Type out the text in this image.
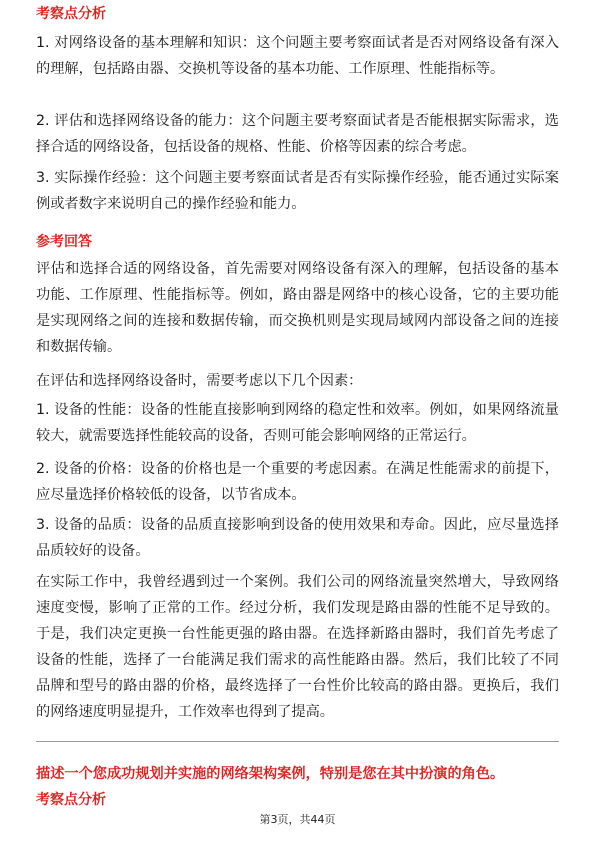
考察点分析
1. 对网络设备的基本理解和知识：这个问题主要考察面试者是否对网络设备有深入的理解，包括路由器、交换机等设备的基本功能、工作原理、性能指标等。
2. 评估和选择网络设备的能力：这个问题主要考察面试者是否能根据实际需求，选择合适的网络设备，包括设备的规格、性能、价格等因素的综合考虑。
3. 实际操作经验：这个问题主要考察面试者是否有实际操作经验，能否通过实际案例或者数字来说明自己的操作经验和能力。
参考回答
评估和选择合适的网络设备，首先需要对网络设备有深入的理解，包括设备的基本功能、工作原理、性能指标等。例如，路由器是网络中的核心设备，它的主要功能是实现网络之间的连接和数据传输，而交换机则是实现局域网内部设备之间的连接和数据传输。
在评估和选择网络设备时，需要考虑以下几个因素：
1. 设备的性能：设备的性能直接影响到网络的稳定性和效率。例如，如果网络流量较大，就需要选择性能较高的设备，否则可能会影响网络的正常运行。
2. 设备的价格：设备的价格也是一个重要的考虑因素。在满足性能需求的前提下，应尽量选择价格较低的设备，以节省成本。
3. 设备的品质：设备的品质直接影响到设备的使用效果和寿命。因此，应尽量选择品质较好的设备。
在实际工作中，我曾经遇到过一个案例。我们公司的网络流量突然增大，导致网络速度变慢，影响了正常的工作。经过分析，我们发现是路由器的性能不足导致的。于是，我们决定更换一台性能更强的路由器。在选择新路由器时，我们首先考虑了设备的性能，选择了一台能满足我们需求的高性能路由器。然后，我们比较了不同品牌和型号的路由器的价格，最终选择了一台性价比较高的路由器。更换后，我们的网络速度明显提升，工作效率也得到了提高。
描述一个您成功规划并实施的网络架构案例，特别是您在其中扮演的角色。
考察点分析
第3页，共44页
